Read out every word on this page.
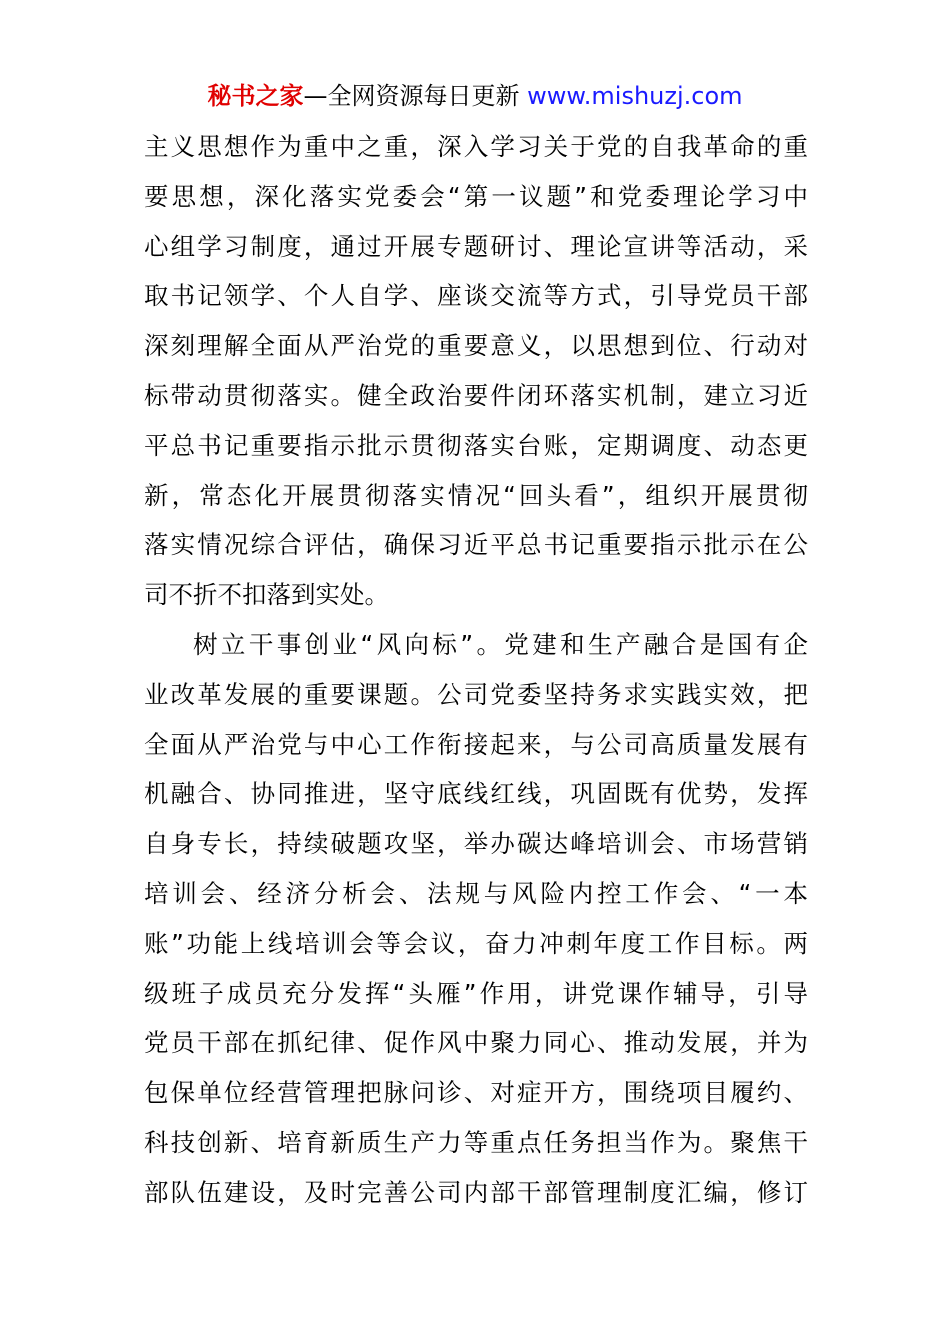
秘书之家—全网资源每日更新 www.mishuzj.com
主义思想作为重中之重，深入学习关于党的自我革命的重
要思想，深化落实党委会“第一议题”和党委理论学习中
心组学习制度，通过开展专题研讨、理论宣讲等活动，采
取书记领学、个人自学、座谈交流等方式，引导党员干部
深刻理解全面从严治党的重要意义，以思想到位、行动对
标带动贯彻落实。健全政治要件闭环落实机制，建立习近
平总书记重要指示批示贯彻落实台账，定期调度、动态更
新，常态化开展贯彻落实情况“回头看”，组织开展贯彻
落实情况综合评估，确保习近平总书记重要指示批示在公
司不折不扣落到实处。
树立干事创业“风向标”。党建和生产融合是国有企
业改革发展的重要课题。公司党委坚持务求实践实效，把
全面从严治党与中心工作衔接起来，与公司高质量发展有
机融合、协同推进，坚守底线红线，巩固既有优势，发挥
自身专长，持续破题攻坚，举办碳达峰培训会、市场营销
培训会、经济分析会、法规与风险内控工作会、“一本
账”功能上线培训会等会议，奋力冲刺年度工作目标。两
级班子成员充分发挥“头雁”作用，讲党课作辅导，引导
党员干部在抓纪律、促作风中聚力同心、推动发展，并为
包保单位经营管理把脉问诊、对症开方，围绕项目履约、
科技创新、培育新质生产力等重点任务担当作为。聚焦干
部队伍建设，及时完善公司内部干部管理制度汇编，修订
